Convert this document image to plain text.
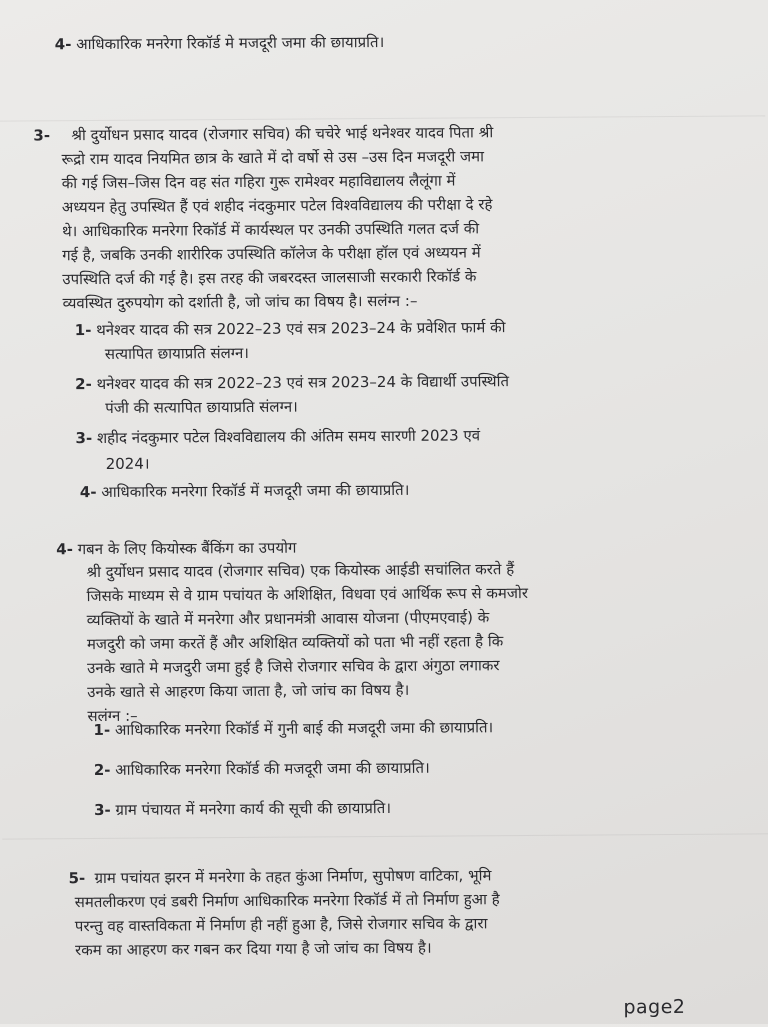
4- आधिकारिक मनरेगा रिकॉर्ड मे मजदूरी जमा की छायाप्रति।
3- श्री दुर्योधन प्रसाद यादव (रोजगार सचिव) की चचेरे भाई थनेश्वर यादव पिता श्री
रूद्रो राम यादव नियमित छात्र के खाते में दो वर्षो से उस –उस दिन मजदूरी जमा
की गई जिस–जिस दिन वह संत गहिरा गुरू रामेश्वर महाविद्यालय लैलूंगा में
अध्ययन हेतु उपस्थित हैं एवं शहीद नंदकुमार पटेल विश्वविद्यालय की परीक्षा दे रहे
थे। आधिकारिक मनरेगा रिकॉर्ड में कार्यस्थल पर उनकी उपस्थिति गलत दर्ज की
गई है, जबकि उनकी शारीरिक उपस्थिति कॉलेज के परीक्षा हॉल एवं अध्ययन में
उपस्थिति दर्ज की गई है। इस तरह की जबरदस्त जालसाजी सरकारी रिकॉर्ड के
व्यवस्थित दुरुपयोग को दर्शाती है, जो जांच का विषय है। सलंग्न :–
1- थनेश्वर यादव की सत्र 2022–23 एवं सत्र 2023–24 के प्रवेशित फार्म की
सत्यापित छायाप्रति संलग्न।
2- थनेश्वर यादव की सत्र 2022–23 एवं सत्र 2023–24 के विद्यार्थी उपस्थिति
पंजी की सत्यापित छायाप्रति संलग्न।
3- शहीद नंदकुमार पटेल विश्वविद्यालय की अंतिम समय सारणी 2023 एवं
2024।
4- आधिकारिक मनरेगा रिकॉर्ड में मजदूरी जमा की छायाप्रति।
4- गबन के लिए कियोस्क बैंकिंग का उपयोग
श्री दुर्योधन प्रसाद यादव (रोजगार सचिव) एक कियोस्क आईडी सचांलित करते हैं
जिसके माध्यम से वे ग्राम पचांयत के अशिक्षित, विधवा एवं आर्थिक रूप से कमजोर
व्यक्तियों के खाते में मनरेगा और प्रधानमंत्री आवास योजना (पीएमएवाई) के
मजदुरी को जमा करतें हैं और अशिक्षित व्यक्तियों को पता भी नहीं रहता है कि
उनके खाते मे मजदुरी जमा हुई है जिसे रोजगार सचिव के द्वारा अंगुठा लगाकर
उनके खाते से आहरण किया जाता है, जो जांच का विषय है।
सलंग्न :–
1- आधिकारिक मनरेगा रिकॉर्ड में गुनी बाई की मजदूरी जमा की छायाप्रति।
2- आधिकारिक मनरेगा रिकॉर्ड की मजदूरी जमा की छायाप्रति।
3- ग्राम पंचायत में मनरेगा कार्य की सूची की छायाप्रति।
5- ग्राम पचांयत झरन में मनरेगा के तहत कुंआ निर्माण, सुपोषण वाटिका, भूमि
समतलीकरण एवं डबरी निर्माण आधिकारिक मनरेगा रिकॉर्ड में तो निर्माण हुआ है
परन्तु वह वास्तविकता में निर्माण ही नहीं हुआ है, जिसे रोजगार सचिव के द्वारा
रकम का आहरण कर गबन कर दिया गया है जो जांच का विषय है।
page2
